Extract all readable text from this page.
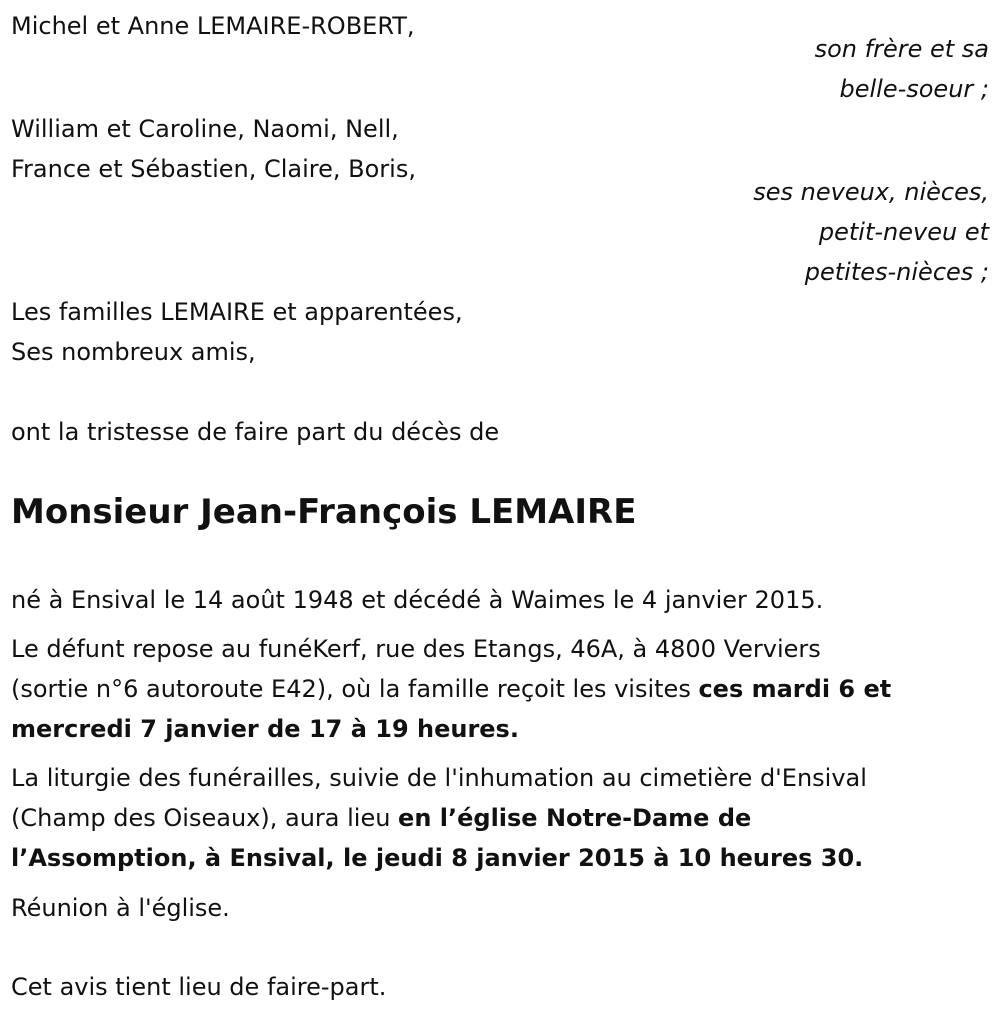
Michel et Anne LEMAIRE-ROBERT,
son frère et sa
belle-soeur ;
William et Caroline, Naomi, Nell,
France et Sébastien, Claire, Boris,
ses neveux, nièces,
petit-neveu et
petites-nièces ;
Les familles LEMAIRE et apparentées,
Ses nombreux amis,
ont la tristesse de faire part du décès de
Monsieur Jean-François LEMAIRE
né à Ensival le 14 août 1948 et décédé à Waimes le 4 janvier 2015.
Le défunt repose au funéKerf, rue des Etangs, 46A, à 4800 Verviers
(sortie n°6 autoroute E42), où la famille reçoit les visites ces mardi 6 et
mercredi 7 janvier de 17 à 19 heures.
La liturgie des funérailles, suivie de l'inhumation au cimetière d'Ensival
(Champ des Oiseaux), aura lieu en l’église Notre-Dame de
l’Assomption, à Ensival, le jeudi 8 janvier 2015 à 10 heures 30.
Réunion à l'église.
Cet avis tient lieu de faire-part.
